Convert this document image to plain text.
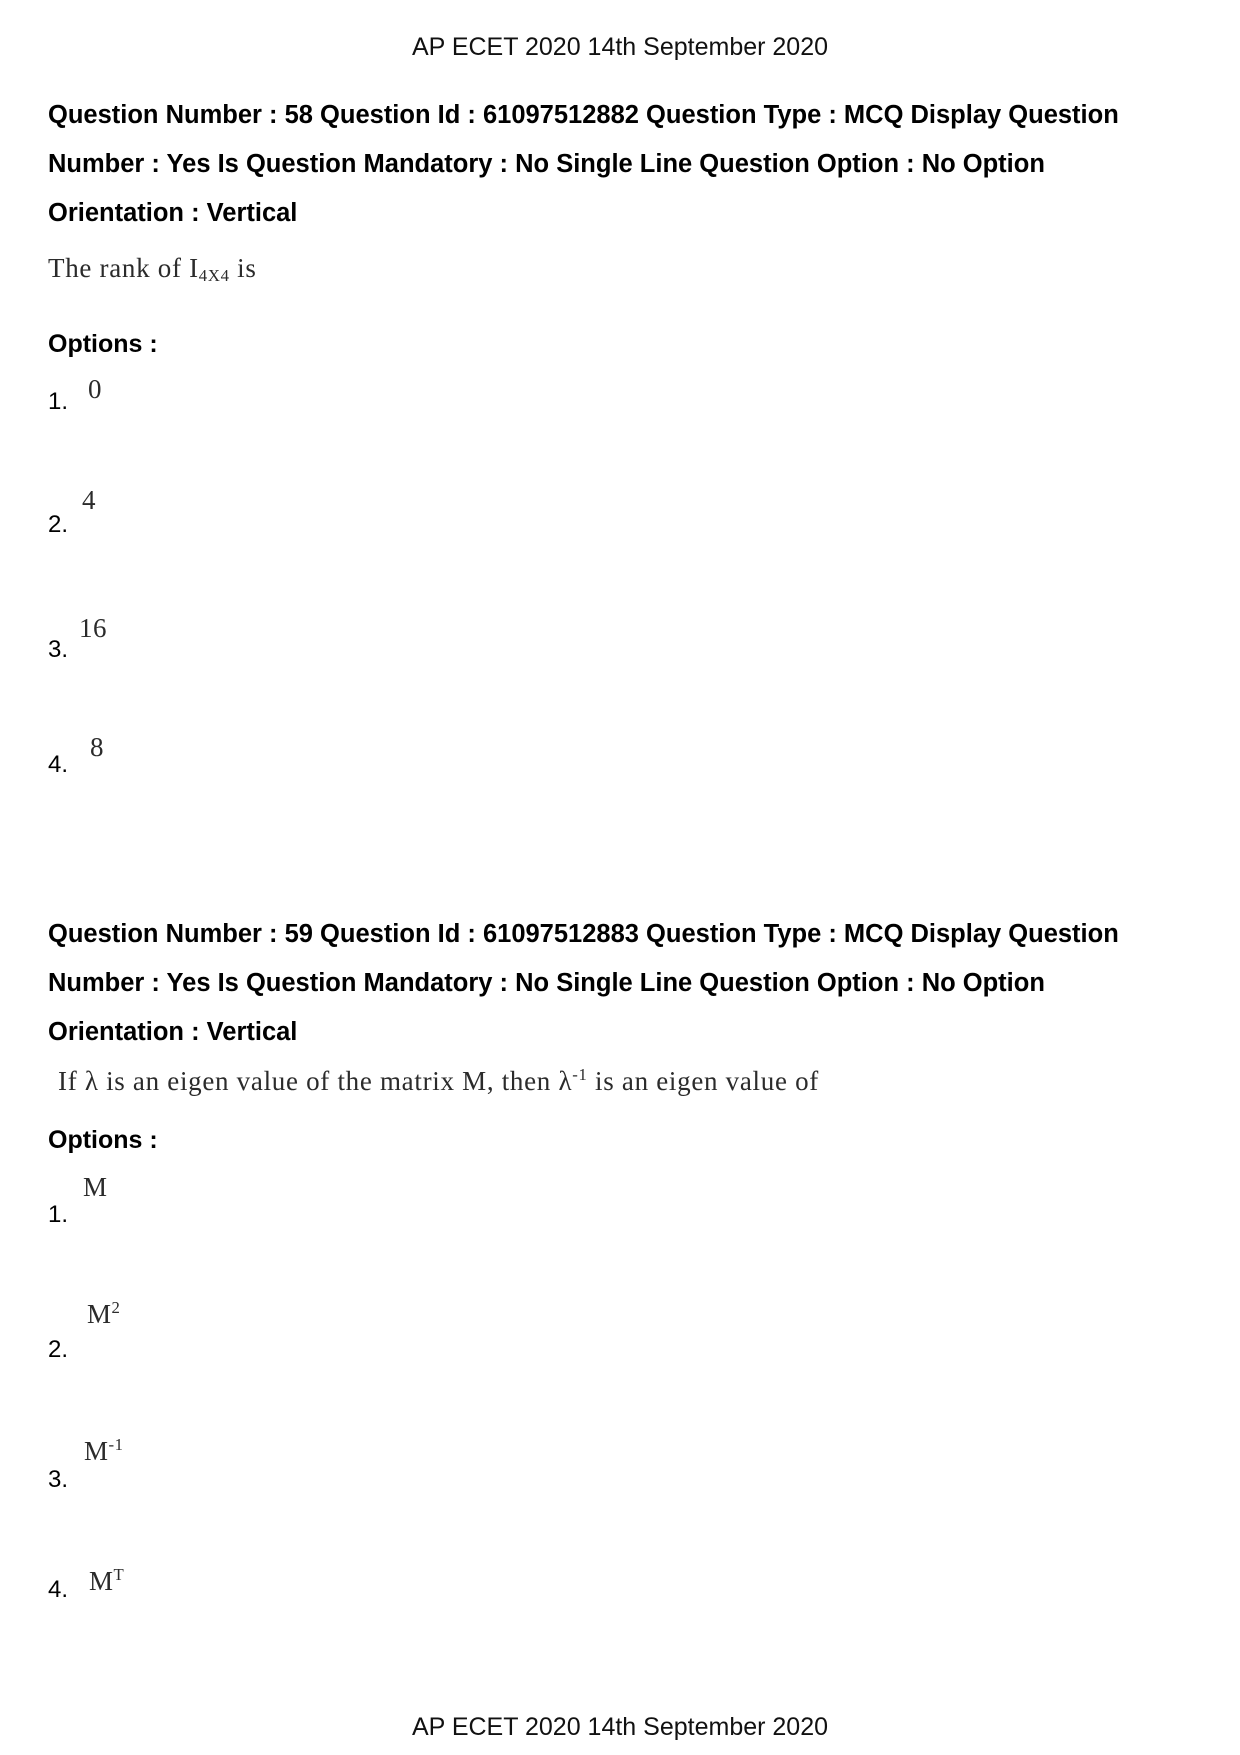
AP ECET 2020 14th September 2020
Question Number : 58 Question Id : 61097512882 Question Type : MCQ Display Question
Number : Yes Is Question Mandatory : No Single Line Question Option : No Option
Orientation : Vertical
The rank of I4X4 is
Options :
1. 0
2.
4
3.
16
4.
8
Question Number : 59 Question Id : 61097512883 Question Type : MCQ Display Question
Number : Yes Is Question Mandatory : No Single Line Question Option : No Option
Orientation : Vertical
If λ is an eigen value of the matrix M, then $\lambda^{-1}$ is an eigen value of
Options :
1.
M
2.
$M^2$
3.
$M^{-1}$
4. $M^T$
AP ECET 2020 14th September 2020
